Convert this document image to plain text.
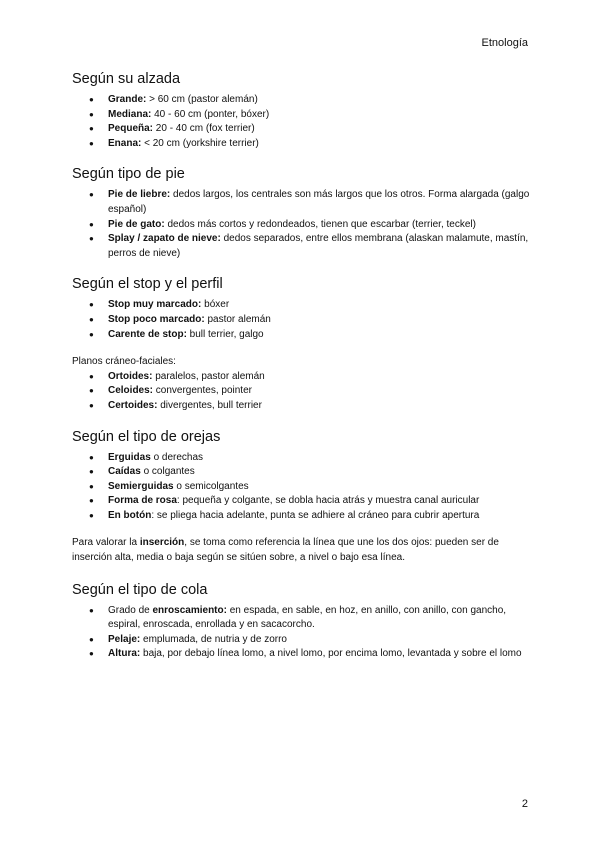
Etnología
Según su alzada
● Grande: > 60 cm (pastor alemán)
● Mediana: 40 - 60 cm (ponter, bóxer)
● Pequeña: 20 - 40 cm (fox terrier)
● Enana: < 20 cm (yorkshire terrier)
Según tipo de pie
● Pie de liebre: dedos largos, los centrales son más largos que los otros. Forma alargada (galgo español)
● Pie de gato: dedos más cortos y redondeados, tienen que escarbar (terrier, teckel)
● Splay / zapato de nieve: dedos separados, entre ellos membrana (alaskan malamute, mastín, perros de nieve)
Según el stop y el perfil
● Stop muy marcado: bóxer
● Stop poco marcado: pastor alemán
● Carente de stop: bull terrier, galgo

Planos cráneo-faciales:

● Ortoides: paralelos, pastor alemán
● Celoides: convergentes, pointer
● Certoides: divergentes, bull terrier
Según el tipo de orejas
● Erguidas o derechas
● Caídas o colgantes
● Semierguidas o semicolgantes
● Forma de rosa: pequeña y colgante, se dobla hacia atrás y muestra canal auricular
● En botón: se pliega hacia adelante, punta se adhiere al cráneo para cubrir apertura

Para valorar la inserción, se toma como referencia la línea que une los dos ojos: pueden ser de inserción alta, media o baja según se sitúen sobre, a nivel o bajo esa línea.

Según el tipo de cola
● Grado de enroscamiento: en espada, en sable, en hoz, en anillo, con anillo, con gancho, espiral, enroscada, enrollada y en sacacorcho.
● Pelaje: emplumada, de nutria y de zorro
● Altura: baja, por debajo línea lomo, a nivel lomo, por encima lomo, levantada y sobre el lomo
2
